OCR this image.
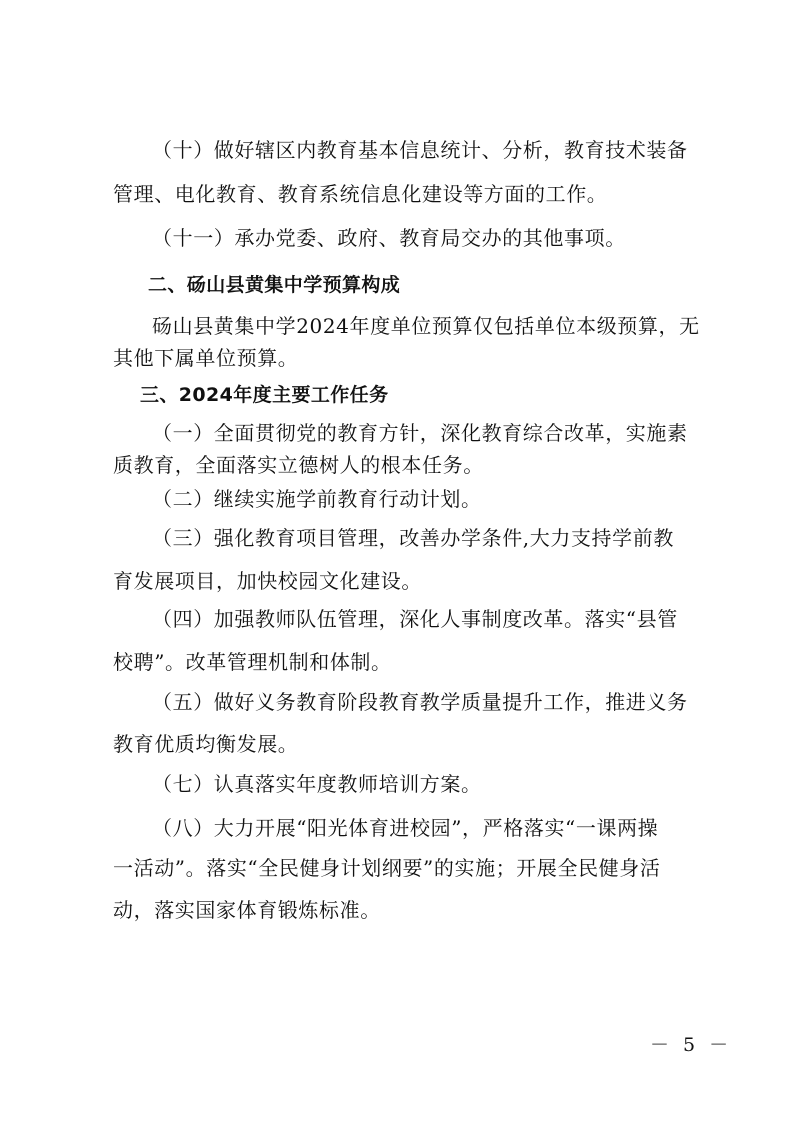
（十）做好辖区内教育基本信息统计、分析，教育技术装备
管理、电化教育、教育系统信息化建设等方面的工作。
（十一）承办党委、政府、教育局交办的其他事项。
二、砀山县黄集中学预算构成
砀山县黄集中学2024年度单位预算仅包括单位本级预算，无
其他下属单位预算。
三、2024年度主要工作任务
（一）全面贯彻党的教育方针，深化教育综合改革，实施素
质教育，全面落实立德树人的根本任务。
（二）继续实施学前教育行动计划。
（三）强化教育项目管理，改善办学条件,大力支持学前教
育发展项目，加快校园文化建设。
（四）加强教师队伍管理，深化人事制度改革。落实“县管
校聘”。改革管理机制和体制。
（五）做好义务教育阶段教育教学质量提升工作，推进义务
教育优质均衡发展。
（七）认真落实年度教师培训方案。
（八）大力开展“阳光体育进校园”，严格落实“一课两操
一活动”。落实“全民健身计划纲要”的实施；开展全民健身活
动，落实国家体育锻炼标准。
－ 5 －
